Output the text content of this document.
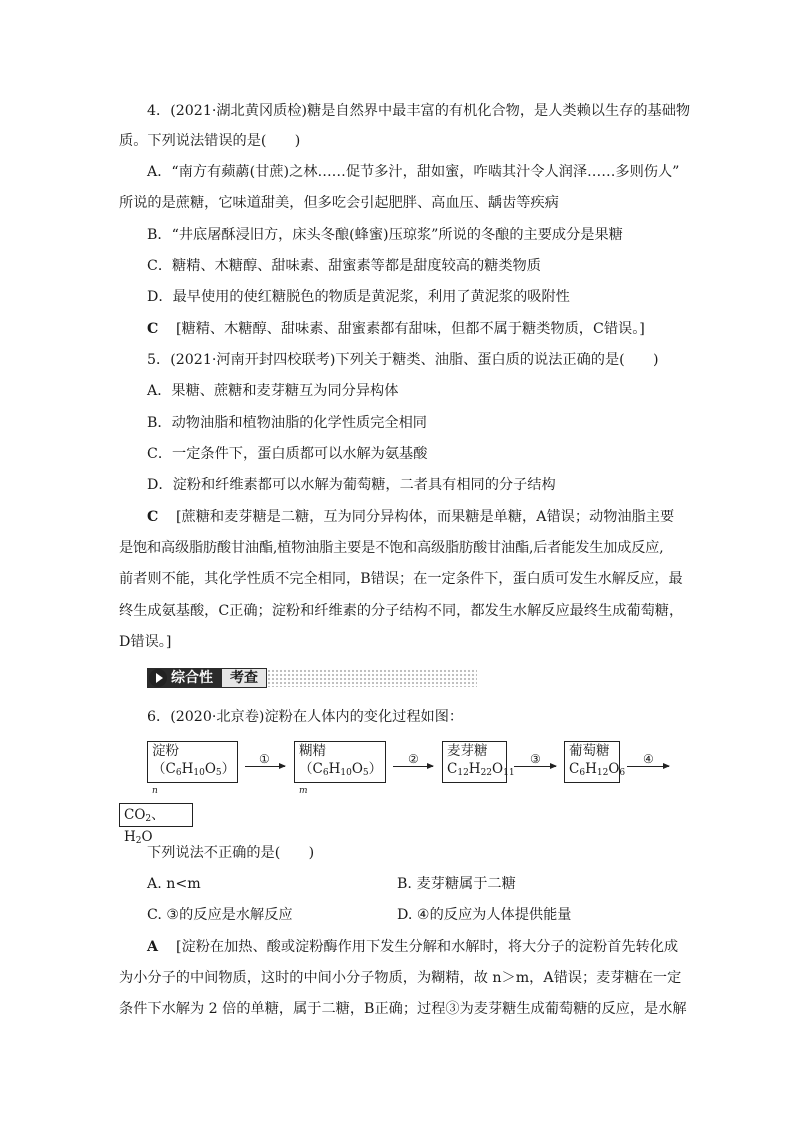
4．(2021·湖北黄冈质检)糖是自然界中最丰富的有机化合物，是人类赖以生存的基础物
质。下列说法错误的是(　　)
A．“南方有𬞟𬟁(甘蔗)之林……促节多汁，甜如蜜，咋啮其汁令人润泽……多则伤人”
所说的是蔗糖，它味道甜美，但多吃会引起肥胖、高血压、龋齿等疾病
B．“井底屠酥浸旧方，床头冬酿(蜂蜜)压琼浆”所说的冬酿的主要成分是果糖
C．糖精、木糖醇、甜味素、甜蜜素等都是甜度较高的糖类物质
D．最早使用的使红糖脱色的物质是黄泥浆，利用了黄泥浆的吸附性
C [糖精、木糖醇、甜味素、甜蜜素都有甜味，但都不属于糖类物质，C错误。]
5．(2021·河南开封四校联考)下列关于糖类、油脂、蛋白质的说法正确的是(　　)
A．果糖、蔗糖和麦芽糖互为同分异构体
B．动物油脂和植物油脂的化学性质完全相同
C．一定条件下，蛋白质都可以水解为氨基酸
D．淀粉和纤维素都可以水解为葡萄糖，二者具有相同的分子结构
C [蔗糖和麦芽糖是二糖，互为同分异构体，而果糖是单糖，A错误；动物油脂主要
是饱和高级脂肪酸甘油酯,植物油脂主要是不饱和高级脂肪酸甘油酯,后者能发生加成反应,
前者则不能，其化学性质不完全相同，B错误；在一定条件下，蛋白质可发生水解反应，最
终生成氨基酸，C正确；淀粉和纤维素的分子结构不同，都发生水解反应最终生成葡萄糖，
D错误。]
综合性	考查
6．(2020·北京卷)淀粉在人体内的变化过程如图：
淀粉
$(C_6H_{10}O_5)_n$
① 糊精
$(C_6H_{10}O_5)_m$
② 麦芽糖
$C_{12}H_{22}O_{11}$
③ 葡萄糖
$C_6H_{12}O_6$
④
$CO_2$、$H_2O$
下列说法不正确的是(　　)
A. n<m	B. 麦芽糖属于二糖
C. ③的反应是水解反应	D. ④的反应为人体提供能量
A [淀粉在加热、酸或淀粉酶作用下发生分解和水解时，将大分子的淀粉首先转化成
为小分子的中间物质，这时的中间小分子物质，为糊精，故 n＞m，A错误；麦芽糖在一定
条件下水解为 2 倍的单糖，属于二糖，B正确；过程③为麦芽糖生成葡萄糖的反应，是水解
